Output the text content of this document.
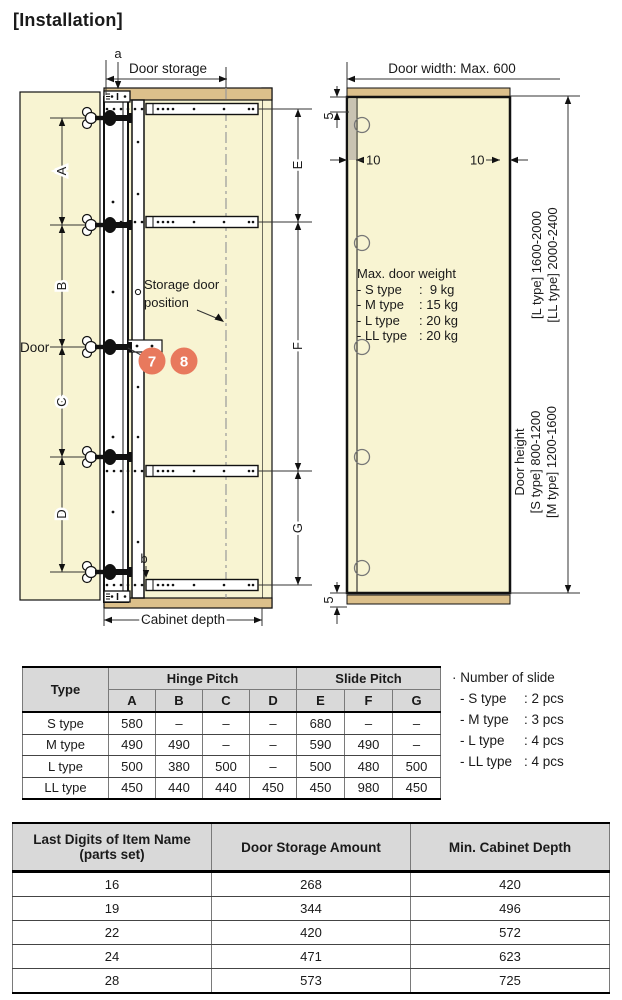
[Installation]
a
Door storage
A
B
C
D
E
F
G
Door
Storage door
position
7 8
b
Cabinet depth
Door width: Max. 600
5
10	10
[L type] 1600-2000 [LL type] 2000-2400
Door height [S type] 800-1200 [M type] 1200-1600
5
Max. door weight
- S type	:  9 kg
- M type	: 15 kg
- L type	: 20 kg
- LL type : 20 kg
Type	Hinge Pitch				Slide Pitch		
	A	B	C	D	E	F	G
S type	580	–	–	–	680	–	–
M type	490	490	–	–	590	490	–
L type	500	380	500	–	500	480	500
LL type	450	440	440	450	450	980	450
· Number of slide
- S type	: 2 pcs
- M type	: 3 pcs
- L type	: 4 pcs
- LL type : 4 pcs
Last Digits of Item Name
(parts set)	Door Storage Amount	Min. Cabinet Depth
16	268	420
19	344	496
22	420	572
24	471	623
28	573	725
